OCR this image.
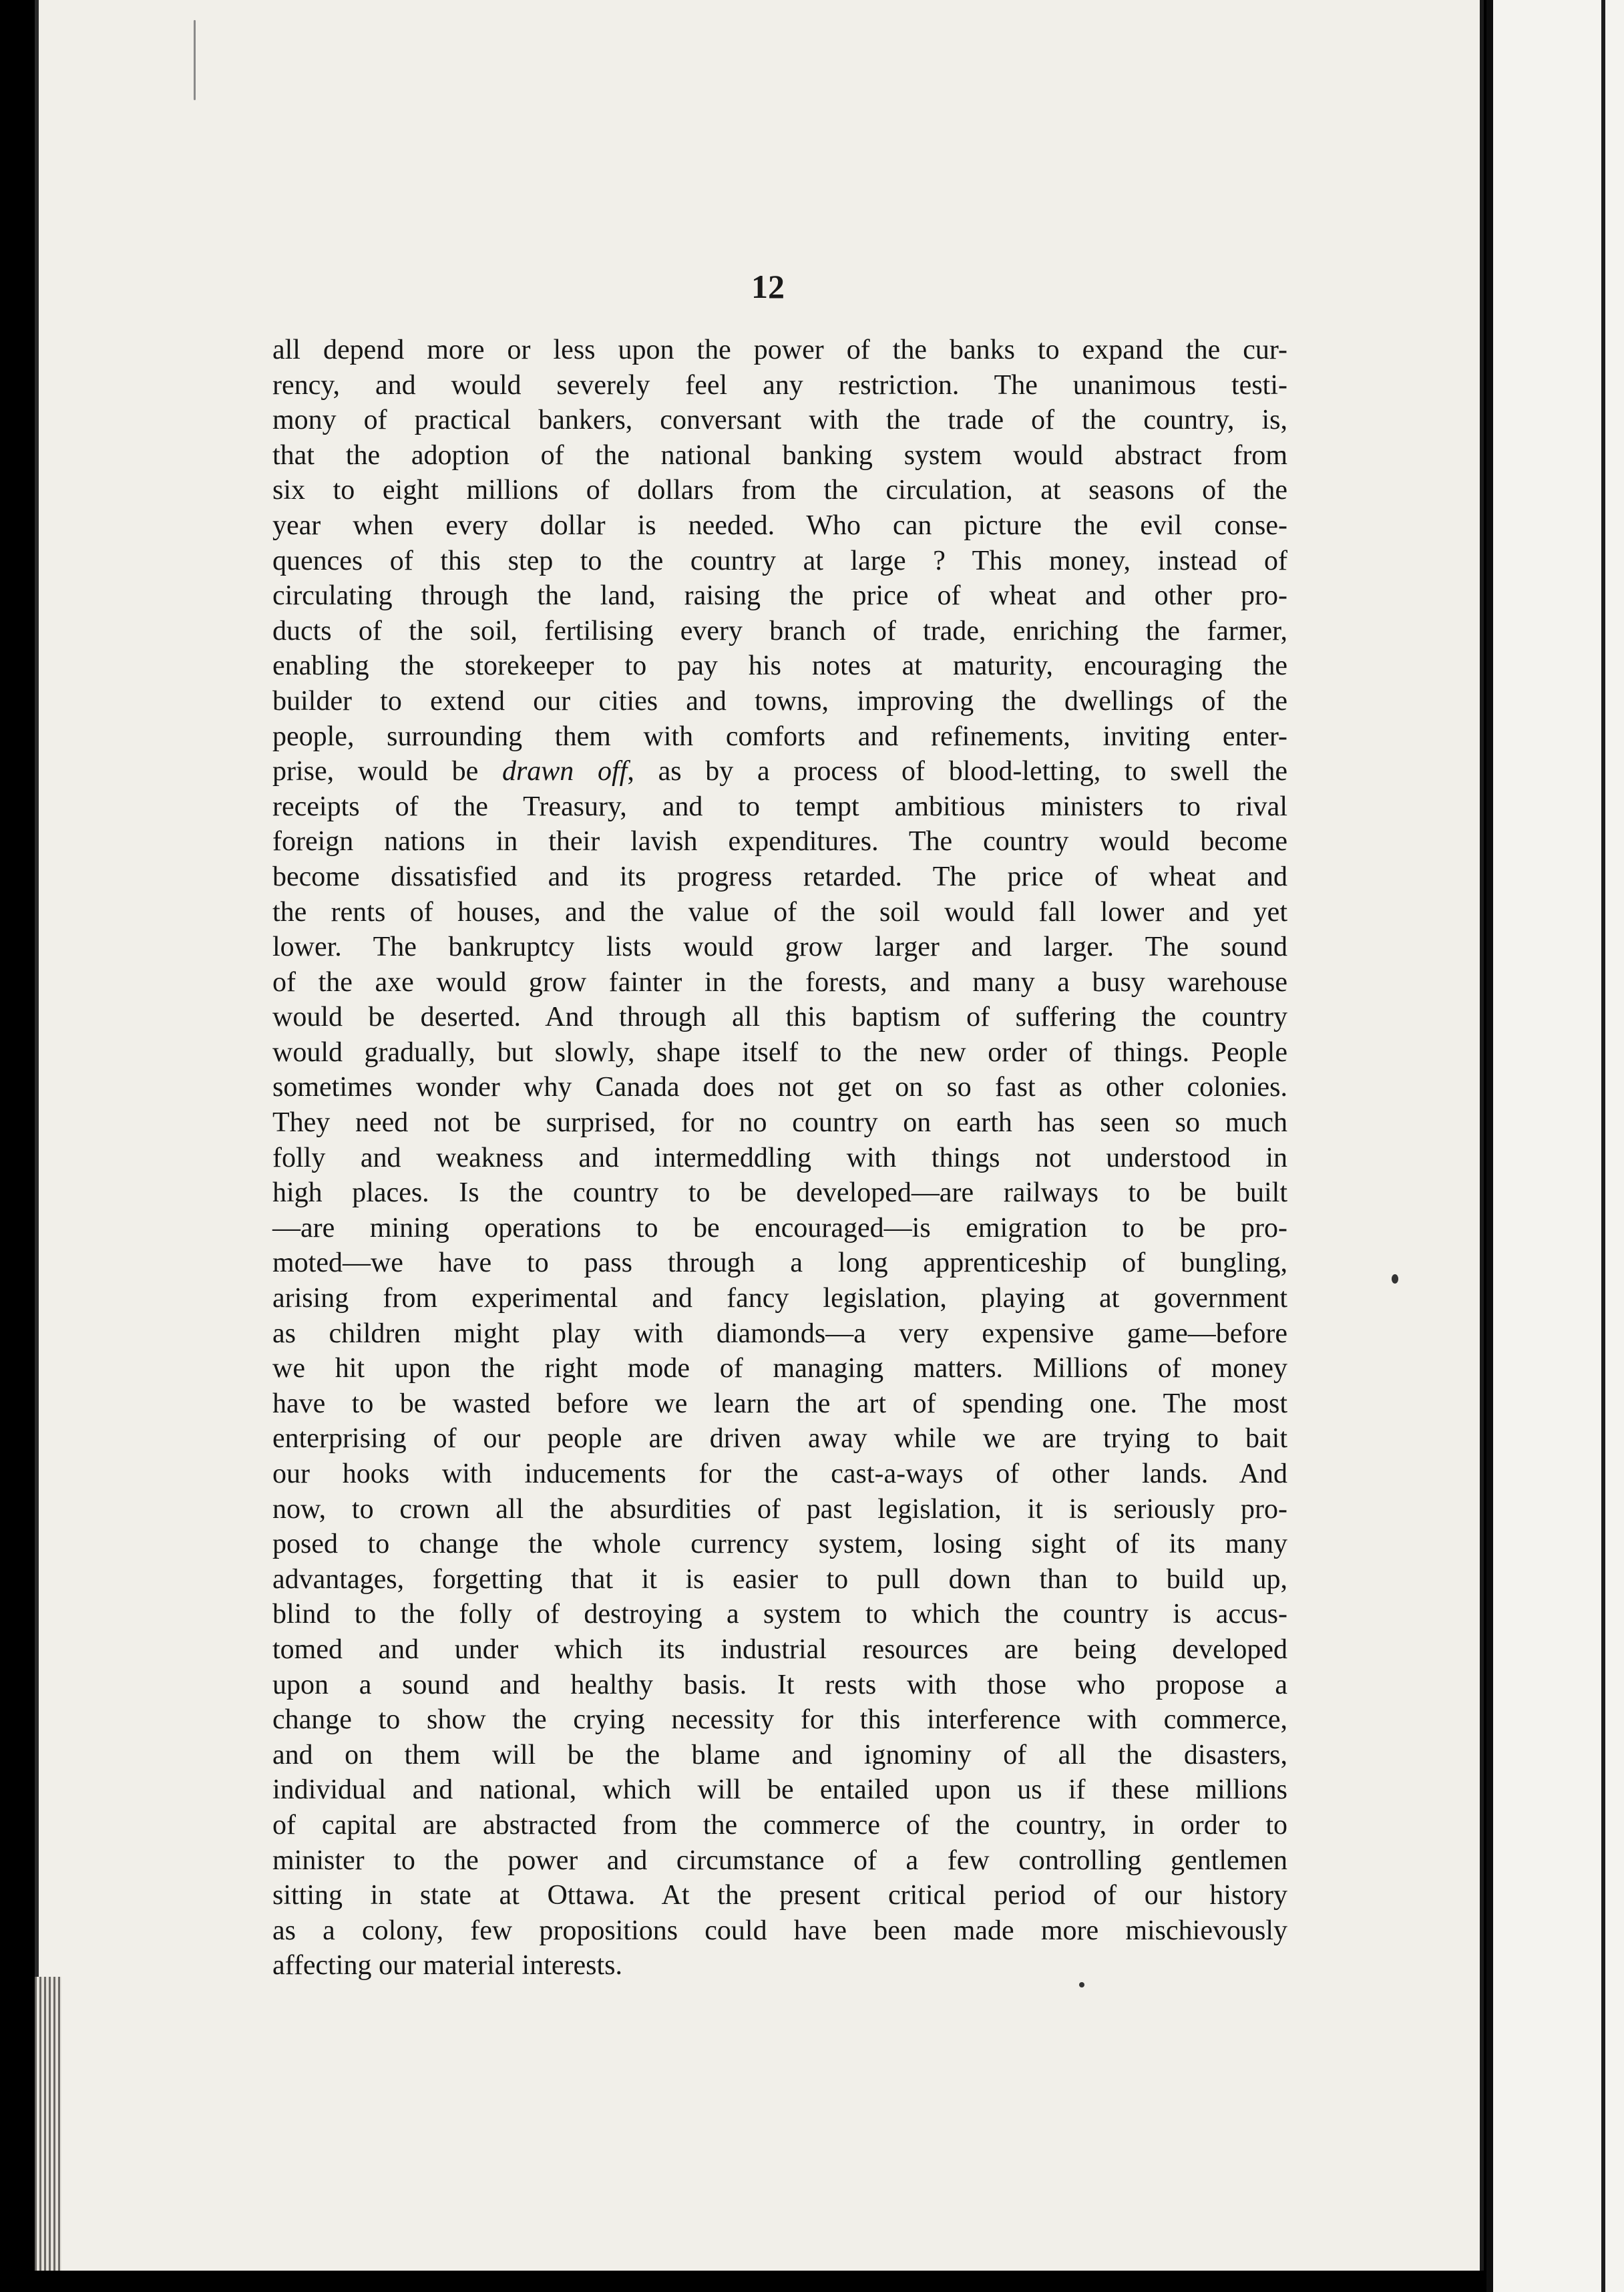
12
all depend more or less upon the power of the banks to expand the cur-
rency, and would severely feel any restriction. The unanimous testi-
mony of practical bankers, conversant with the trade of the country, is,
that the adoption of the national banking system would abstract from
six to eight millions of dollars from the circulation, at seasons of the
year when every dollar is needed. Who can picture the evil conse-
quences of this step to the country at large ? This money, instead of
circulating through the land, raising the price of wheat and other pro-
ducts of the soil, fertilising every branch of trade, enriching the farmer,
enabling the storekeeper to pay his notes at maturity, encouraging the
builder to extend our cities and towns, improving the dwellings of the
people, surrounding them with comforts and refinements, inviting enter-
prise, would be drawn off, as by a process of blood-letting, to swell the
receipts of the Treasury, and to tempt ambitious ministers to rival
foreign nations in their lavish expenditures. The country would become
become dissatisfied and its progress retarded. The price of wheat and
the rents of houses, and the value of the soil would fall lower and yet
lower. The bankruptcy lists would grow larger and larger. The sound
of the axe would grow fainter in the forests, and many a busy warehouse
would be deserted. And through all this baptism of suffering the country
would gradually, but slowly, shape itself to the new order of things. People
sometimes wonder why Canada does not get on so fast as other colonies.
They need not be surprised, for no country on earth has seen so much
folly and weakness and intermeddling with things not understood in
high places. Is the country to be developed—are railways to be built
—are mining operations to be encouraged—is emigration to be pro-
moted—we have to pass through a long apprenticeship of bungling,
arising from experimental and fancy legislation, playing at government
as children might play with diamonds—a very expensive game—before
we hit upon the right mode of managing matters. Millions of money
have to be wasted before we learn the art of spending one. The most
enterprising of our people are driven away while we are trying to bait
our hooks with inducements for the cast-a-ways of other lands. And
now, to crown all the absurdities of past legislation, it is seriously pro-
posed to change the whole currency system, losing sight of its many
advantages, forgetting that it is easier to pull down than to build up,
blind to the folly of destroying a system to which the country is accus-
tomed and under which its industrial resources are being developed
upon a sound and healthy basis. It rests with those who propose a
change to show the crying necessity for this interference with commerce,
and on them will be the blame and ignominy of all the disasters,
individual and national, which will be entailed upon us if these millions
of capital are abstracted from the commerce of the country, in order to
minister to the power and circumstance of a few controlling gentlemen
sitting in state at Ottawa. At the present critical period of our history
as a colony, few propositions could have been made more mischievously
affecting our material interests.
